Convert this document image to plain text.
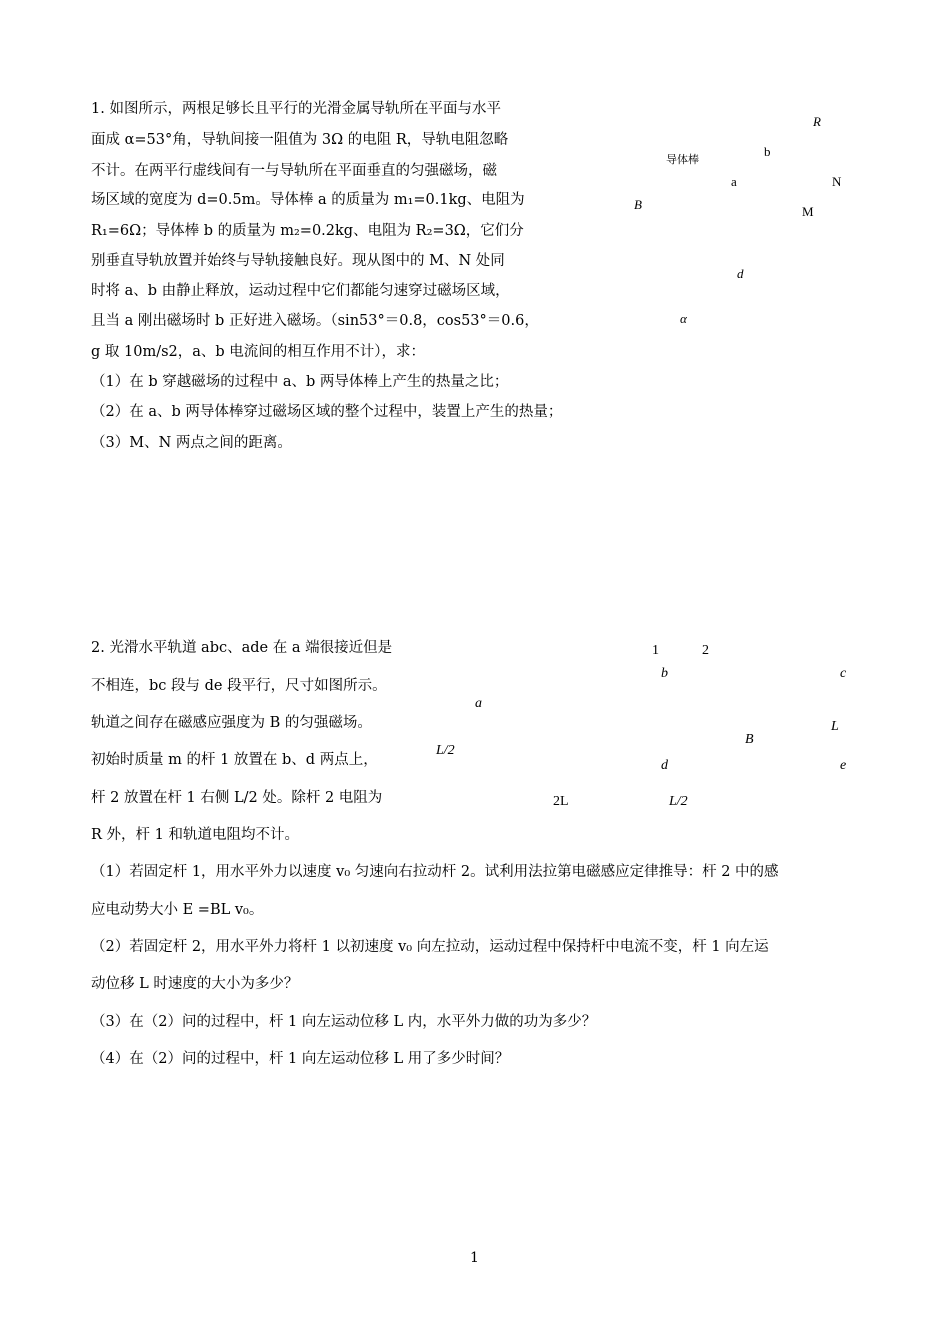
1. 如图所示，两根足够长且平行的光滑金属导轨所在平面与水平
面成 α=53°角，导轨间接一阻值为 3Ω 的电阻 R，导轨电阻忽略
不计。在两平行虚线间有一与导轨所在平面垂直的匀强磁场，磁
场区域的宽度为 d=0.5m。导体棒 a 的质量为 m₁=0.1kg、电阻为
R₁=6Ω；导体棒 b 的质量为 m₂=0.2kg、电阻为 R₂=3Ω，它们分
别垂直导轨放置并始终与导轨接触良好。现从图中的 M、N 处同
时将 a、b 由静止释放，运动过程中它们都能匀速穿过磁场区域，
且当 a 刚出磁场时 b 正好进入磁场。（sin53°＝0.8，cos53°＝0.6，
g 取 10m/s2，a、b 电流间的相互作用不计），求：
（1）在 b 穿越磁场的过程中 a、b 两导体棒上产生的热量之比；
（2）在 a、b 两导体棒穿过磁场区域的整个过程中，装置上产生的热量；
（3）M、N 两点之间的距离。
R
导体棒
b
a	N
B	M
d
α
2. 光滑水平轨道 abc、ade 在 a 端很接近但是
不相连，bc 段与 de 段平行，尺寸如图所示。
轨道之间存在磁感应强度为 B 的匀强磁场。
初始时质量 m 的杆 1 放置在 b、d 两点上，
杆 2 放置在杆 1 右侧 L/2 处。除杆 2 电阻为
R 外，杆 1 和轨道电阻均不计。
（1）若固定杆 1，用水平外力以速度 v₀ 匀速向右拉动杆 2。试利用法拉第电磁感应定律推导：杆 2 中的感
应电动势大小 E =BL v₀。
（2）若固定杆 2，用水平外力将杆 1 以初速度 v₀ 向左拉动，运动过程中保持杆中电流不变，杆 1 向左运
动位移 L 时速度的大小为多少？
（3）在（2）问的过程中，杆 1 向左运动位移 L 内，水平外力做的功为多少？
（4）在（2）问的过程中，杆 1 向左运动位移 L 用了多少时间？
1	2
b	c
a
L
B
L/2
d	e
2L	L/2
1
